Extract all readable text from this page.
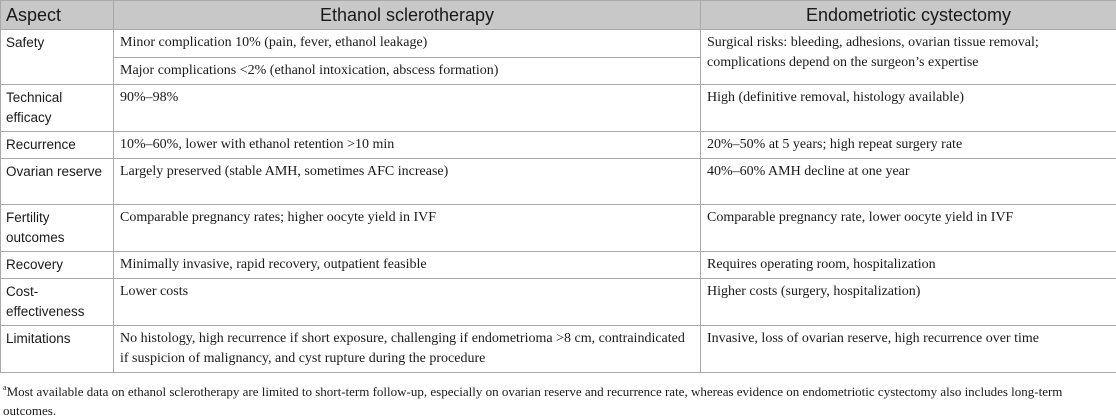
Aspect	Ethanol sclerotherapy	Endometriotic cystectomy
Safety	Minor complication 10% (pain, fever, ethanol leakage)	Surgical risks: bleeding, adhesions, ovarian tissue removal; complications depend on the surgeon’s expertise
	Major complications <2% (ethanol intoxication, abscess formation)	
Technical efficacy	90%–98%	High (definitive removal, histology available)
Recurrence	10%–60%, lower with ethanol retention >10 min	20%–50% at 5 years; high repeat surgery rate
Ovarian reserve	Largely preserved (stable AMH, sometimes AFC increase)	40%–60% AMH decline at one year
Fertility outcomes	Comparable pregnancy rates; higher oocyte yield in IVF	Comparable pregnancy rate, lower oocyte yield in IVF
Recovery	Minimally invasive, rapid recovery, outpatient feasible	Requires operating room, hospitalization
Cost-effectiveness	Lower costs	Higher costs (surgery, hospitalization)
Limitations	No histology, high recurrence if short exposure, challenging if endometrioma >8 cm, contraindicated if suspicion of malignancy, and cyst rupture during the procedure	Invasive, loss of ovarian reserve, high recurrence over time
$^a$Most available data on ethanol sclerotherapy are limited to short-term follow-up, especially on ovarian reserve and recurrence rate, whereas evidence on endometriotic cystectomy also includes long-term outcomes.
